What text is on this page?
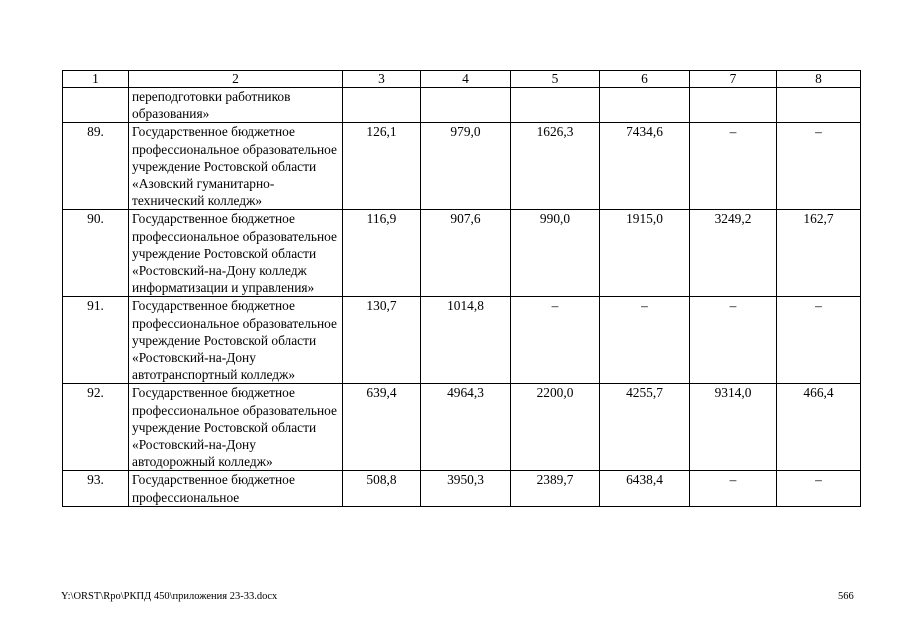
1	2	3	4	5	6	7	8
	переподготовки работников образования»						
89.	Государственное бюджетное профессиональное образовательное учреждение Ростовской области «Азовский гуманитарно-технический колледж»	126,1	979,0	1626,3	7434,6	–	–
90.	Государственное бюджетное профессиональное образовательное учреждение Ростовской области «Ростовский-на-Дону колледж информатизации и управления»	116,9	907,6	990,0	1915,0	3249,2	162,7
91.	Государственное бюджетное профессиональное образовательное учреждение Ростовской области «Ростовский-на-Дону автотранспортный колледж»	130,7	1014,8	–	–	–	–
92.	Государственное бюджетное профессиональное образовательное учреждение Ростовской области «Ростовский-на-Дону автодорожный колледж»	639,4	4964,3	2200,0	4255,7	9314,0	466,4
93.	Государственное бюджетное профессиональное	508,8	3950,3	2389,7	6438,4	–	–
Y:\ORST\Rpo\РКПД 450\приложения 23-33.docx	566
